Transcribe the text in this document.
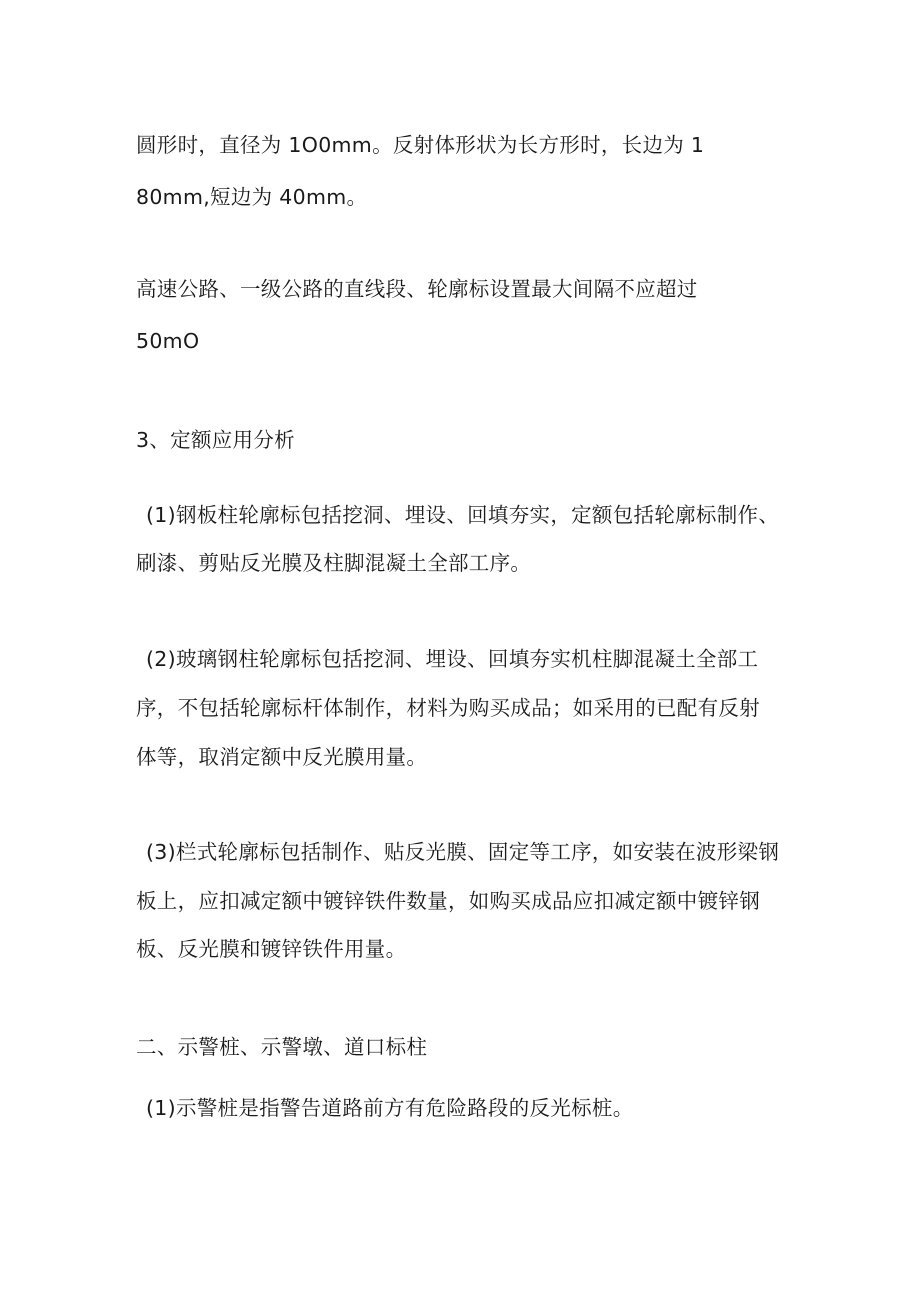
圆形时，直径为 1O0mm。反射体形状为长方形时，长边为 1
80mm,短边为 40mm。
高速公路、一级公路的直线段、轮廓标设置最大间隔不应超过
50mO
3、定额应用分析
(1)钢板柱轮廓标包括挖洞、埋设、回填夯实，定额包括轮廓标制作、
刷漆、剪贴反光膜及柱脚混凝土全部工序。
(2)玻璃钢柱轮廓标包括挖洞、埋设、回填夯实机柱脚混凝土全部工
序，不包括轮廓标杆体制作，材料为购买成品；如采用的已配有反射
体等，取消定额中反光膜用量。
(3)栏式轮廓标包括制作、贴反光膜、固定等工序，如安装在波形梁钢
板上，应扣减定额中镀锌铁件数量，如购买成品应扣减定额中镀锌钢
板、反光膜和镀锌铁件用量。
二、示警桩、示警墩、道口标柱
(1)示警桩是指警告道路前方有危险路段的反光标桩。
